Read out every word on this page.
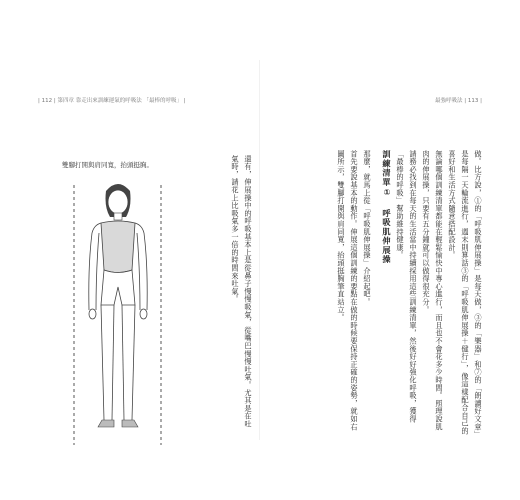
| 112 | 第四章 靠走出來訓練運氣的呼吸法 「最棒的呼吸」 |	最強呼吸法 | 113 |
雙腳打開與肩同寬，抬頭挺胸。	還有，伸展操中的呼吸基本上是從鼻子慢慢吸氣，從嘴巴慢慢吐氣。尤其是在吐氣時，請花上比吸氣多一倍的時間來吐氣。	做。比方說，①的「呼吸肌伸展操」是每天做，③的「樂器」和⑦的「朗讀好文章」是每隔一天輪流進行，週末則算話③的「呼吸肌伸展操＋健行」，像這樣配合自己的喜好和生活方式隨意搭配設計。

無論哪個訓練清單都能在輕鬆愉快中專心進行，而且也不會花多少時間。照理說肌肉的伸展操，只要有五分鐘就可以做得很充分。

請務必找到在每天的生活當中持續採用這些訓練清單，然後好好強化呼吸，獲得「最棒的呼吸」幫助維持健康。

訓練清單① 呼吸肌伸展操

那麼，就馬上從「呼吸肌伸展操」介紹起吧。

首先要說基本的動作。伸展這個訓練的要點在做的時候要保持正確的姿勢，就如右圖所示，雙腳打開與肩同寬，抬頭挺胸筆直站立。
